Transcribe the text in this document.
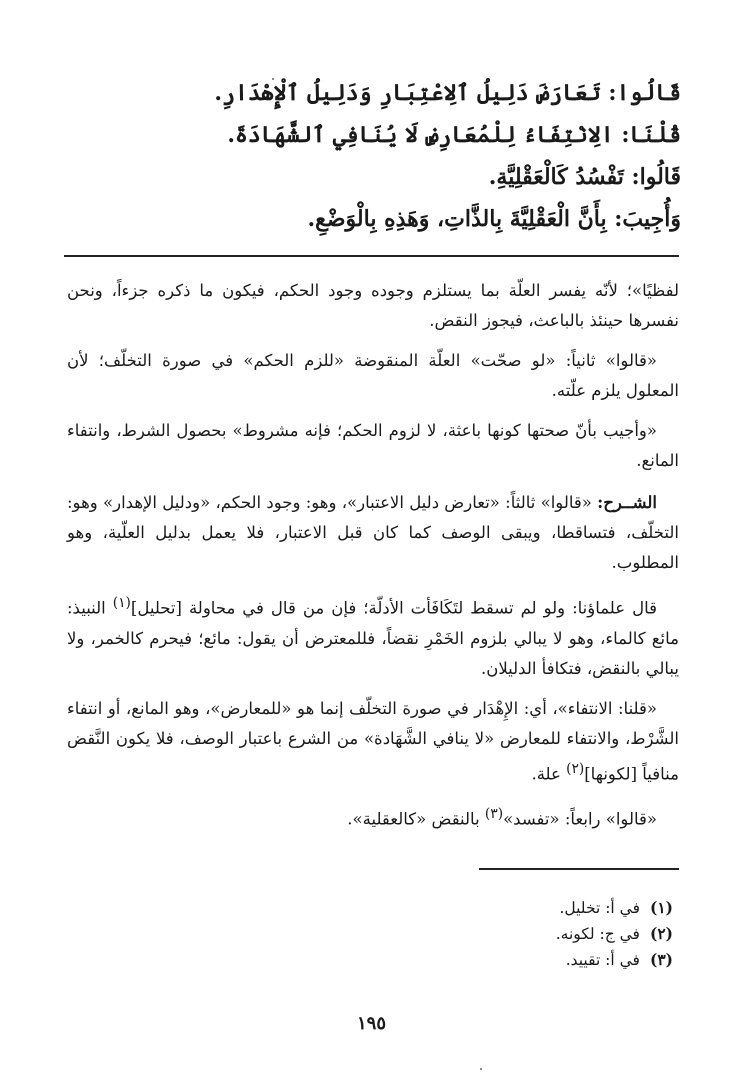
قَالُوا: تَعَارَضَ دَلِيلُ ٱلِاعْتِبَارِ وَدَلِيلُ ٱلْإِهْدَارِ.
قُلْنَا: الِانْتِفَاءُ لِلْمُعَارِضِ لَا يُنَافِي ٱلشَّهَادَةَ.
قَالُوا: تَفْسُدُ كَالْعَقْلِيَّةِ.
وَأُجِيبَ: بِأَنَّ الْعَقْلِيَّةَ بِالذَّاتِ، وَهَذِهِ بِالْوَضْعِ.

لفظيًا»؛ لأنّه يفسر العلّة بما يستلزم وجوده وجود الحكم، فيكون ما ذكره جزءاً، ونحن نفسرها حينئذ بالباعث، فيجوز النقض.

«قالوا» ثانياً: «لو صحّت» العلّة المنقوضة «للزم الحكم» في صورة التخلّف؛ لأن المعلول يلزم علّته.

«وأجيب بأنّ صحتها كونها باعثة، لا لزوم الحكم؛ فإنه مشروط» بحصول الشرط، وانتفاء المانع.

الشــرح: «قالوا» ثالثاً: «تعارض دليل الاعتبار»، وهو: وجود الحكم، «ودليل الإهدار» وهو: التخلّف، فتساقطا، ويبقى الوصف كما كان قبل الاعتبار، فلا يعمل بدليل العلّية، وهو المطلوب.

قال علماؤنا: ولو لم تسقط لتَكَافَأت الأدلّة؛ فإن من قال في محاولة [تحليل]$^{(١)}$ النبيذ: مائع كالماء، وهو لا يبالي بلزوم الخَمْرِ نقضاً، فللمعترض أن يقول: مائع؛ فيحرم كالخمر، ولا يبالي بالنقض، فتكافأ الدليلان.

«قلنا: الانتفاء»، أي: الإِهْدَار في صورة التخلّف إنما هو «للمعارض»، وهو المانع، أو انتفاء الشَّرْط، والانتفاء للمعارض «لا ينافي الشَّهَادة» من الشرع باعتبار الوصف، فلا يكون النَّقض منافياً [لكونها]$^{(٢)}$ علة.

«قالوا» رابعاً: «تفسد»$^{(٣)}$ بالنقض «كالعقلية».

(١)في أ: تخليل.
(٢)في ج: لكونه.
(٣)في أ: تقييد.
١٩٥
